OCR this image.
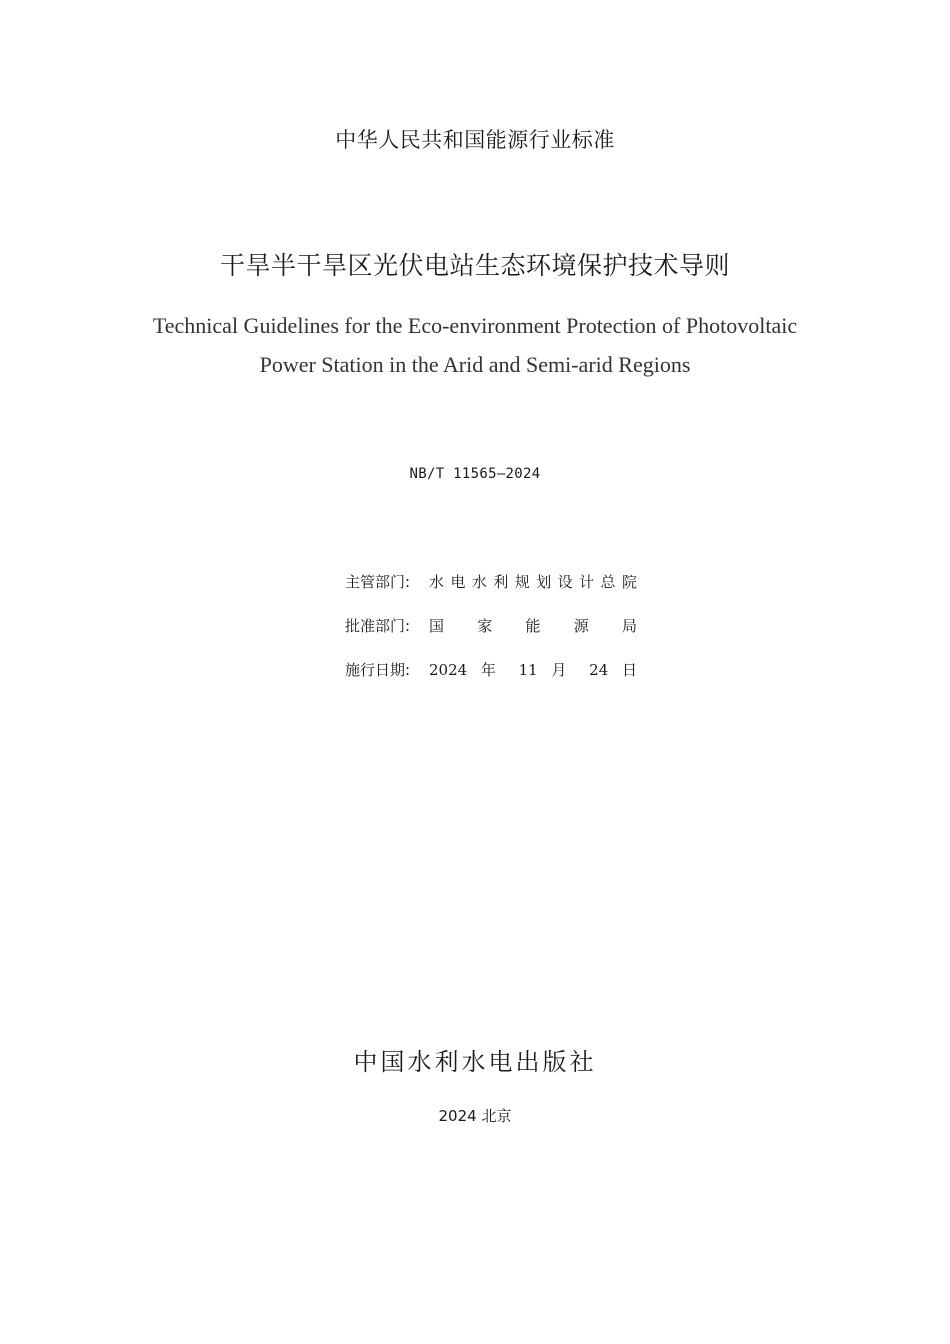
中华人民共和国能源行业标准
干旱半干旱区光伏电站生态环境保护技术导则
Technical Guidelines for the Eco-environment Protection of Photovoltaic
Power Station in the Arid and Semi-arid Regions
NB/T 11565—2024
主管部门:	水电水利规划设计总院
批准部门:	国 家 能 源 局
施行日期:	2024 年 11 月 24 日
中国水利水电出版社
2024 北京
